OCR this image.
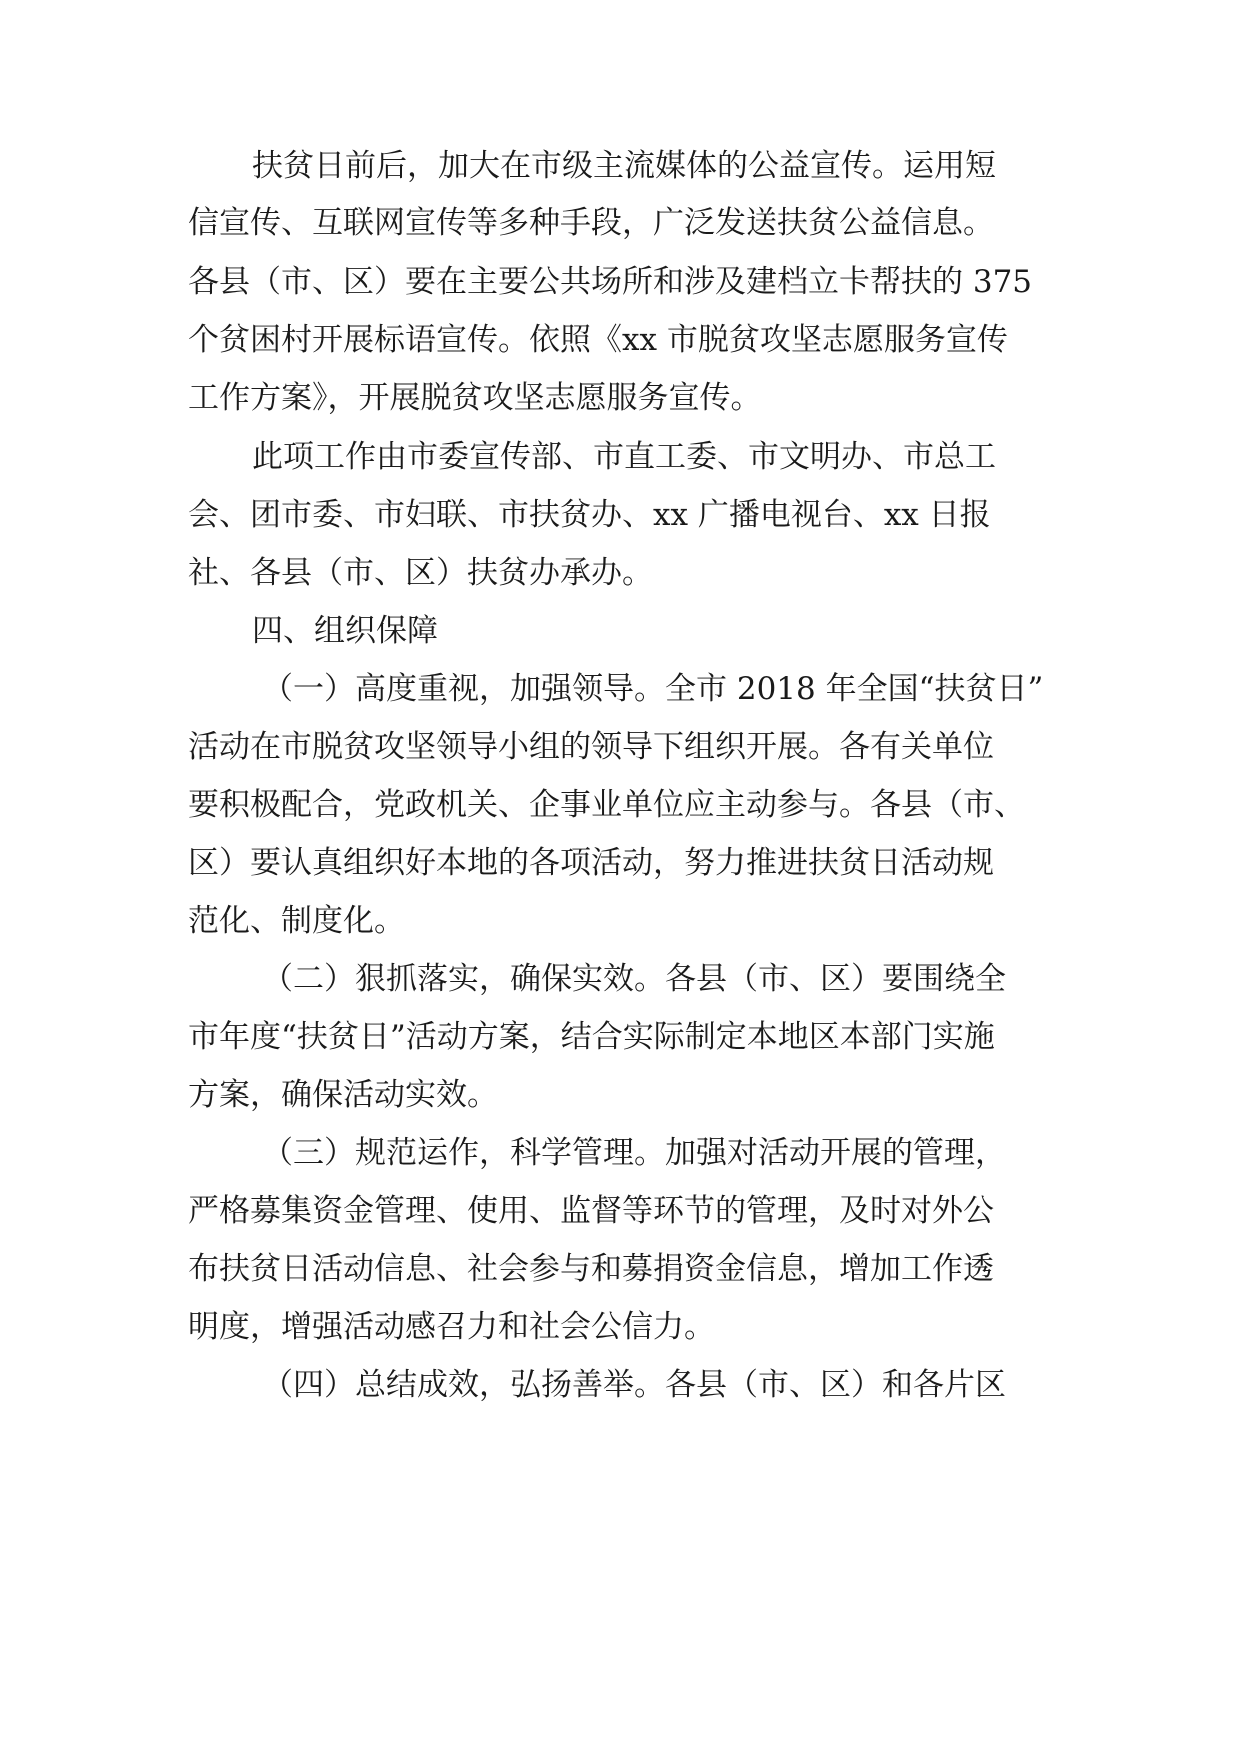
扶贫日前后，加大在市级主流媒体的公益宣传。运用短
信宣传、互联网宣传等多种手段，广泛发送扶贫公益信息。
各县（市、区）要在主要公共场所和涉及建档立卡帮扶的 375
个贫困村开展标语宣传。依照《xx 市脱贫攻坚志愿服务宣传
工作方案》，开展脱贫攻坚志愿服务宣传。
此项工作由市委宣传部、市直工委、市文明办、市总工
会、团市委、市妇联、市扶贫办、xx 广播电视台、xx 日报
社、各县（市、区）扶贫办承办。
四、组织保障
（一）高度重视，加强领导。全市 2018 年全国“扶贫日”
活动在市脱贫攻坚领导小组的领导下组织开展。各有关单位
要积极配合，党政机关、企事业单位应主动参与。各县（市、
区）要认真组织好本地的各项活动，努力推进扶贫日活动规
范化、制度化。
（二）狠抓落实，确保实效。各县（市、区）要围绕全
市年度“扶贫日”活动方案，结合实际制定本地区本部门实施
方案，确保活动实效。
（三）规范运作，科学管理。加强对活动开展的管理，
严格募集资金管理、使用、监督等环节的管理，及时对外公
布扶贫日活动信息、社会参与和募捐资金信息，增加工作透
明度，增强活动感召力和社会公信力。
（四）总结成效，弘扬善举。各县（市、区）和各片区
